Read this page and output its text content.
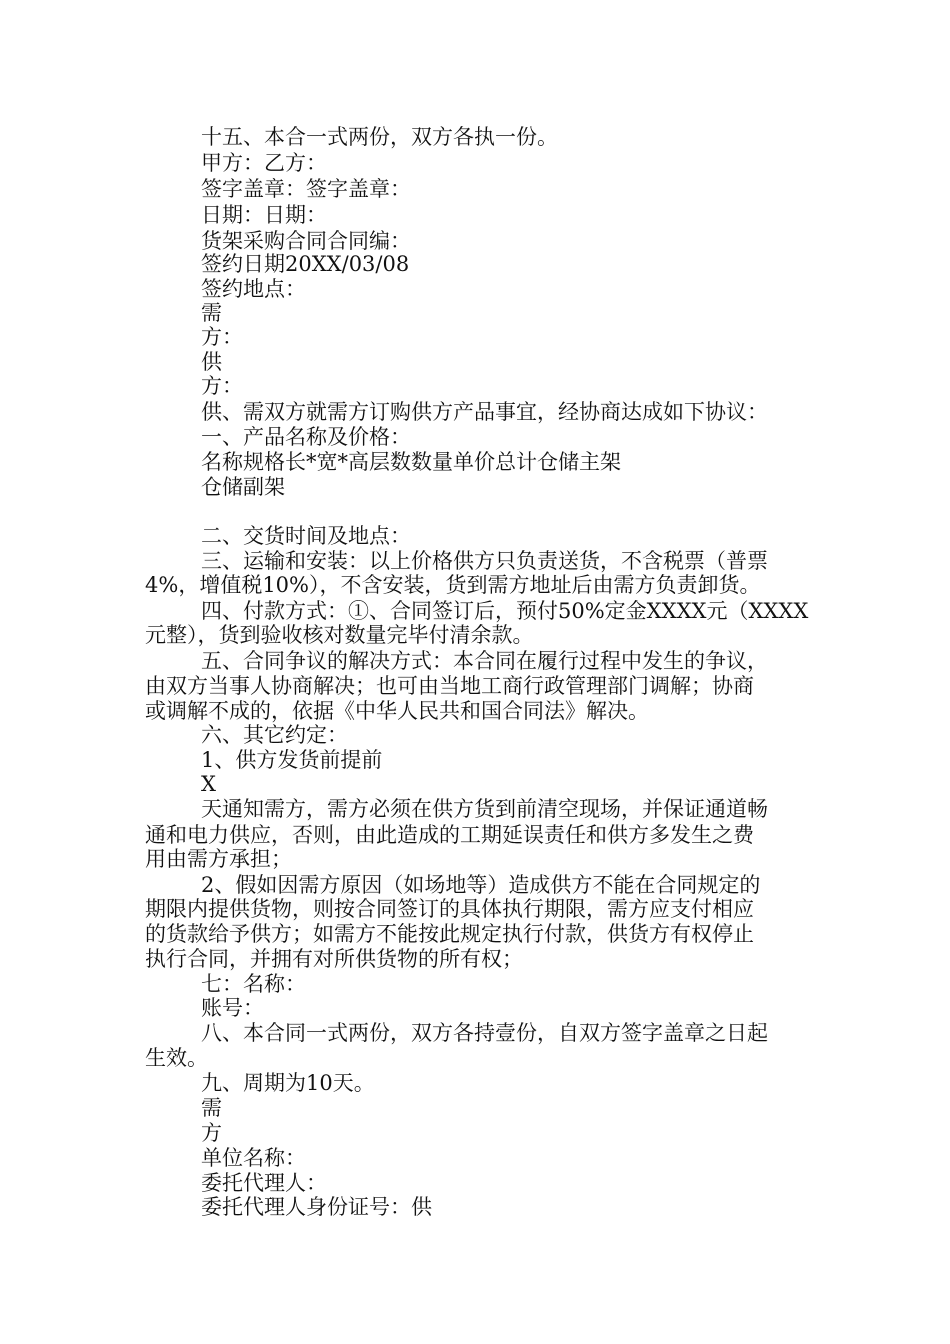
十五、本合一式两份，双方各执一份。
甲方：乙方：
签字盖章：签字盖章：
日期：日期：
货架采购合同合同编：
签约日期20XX/03/08
签约地点：
需
方：
供
方：
供、需双方就需方订购供方产品事宜，经协商达成如下协议：
一、产品名称及价格：
名称规格长*宽*高层数数量单价总计仓储主架
仓储副架
二、交货时间及地点：
三、运输和安装：以上价格供方只负责送货，不含税票（普票
4%，增值税10%），不含安装，货到需方地址后由需方负责卸货。
四、付款方式：①、合同签订后，预付50%定金XXXX元（XXXX
元整），货到验收核对数量完毕付清余款。
五、合同争议的解决方式：本合同在履行过程中发生的争议，
由双方当事人协商解决；也可由当地工商行政管理部门调解；协商
或调解不成的，依据《中华人民共和国合同法》解决。
六、其它约定：
1、供方发货前提前
X
天通知需方，需方必须在供方货到前清空现场，并保证通道畅
通和电力供应，否则，由此造成的工期延误责任和供方多发生之费
用由需方承担；
2、假如因需方原因（如场地等）造成供方不能在合同规定的
期限内提供货物，则按合同签订的具体执行期限，需方应支付相应
的货款给予供方；如需方不能按此规定执行付款，供货方有权停止
执行合同，并拥有对所供货物的所有权；
七：名称：
账号：
八、本合同一式两份，双方各持壹份，自双方签字盖章之日起
生效。
九、周期为10天。
需
方
单位名称：
委托代理人：
委托代理人身份证号：供
